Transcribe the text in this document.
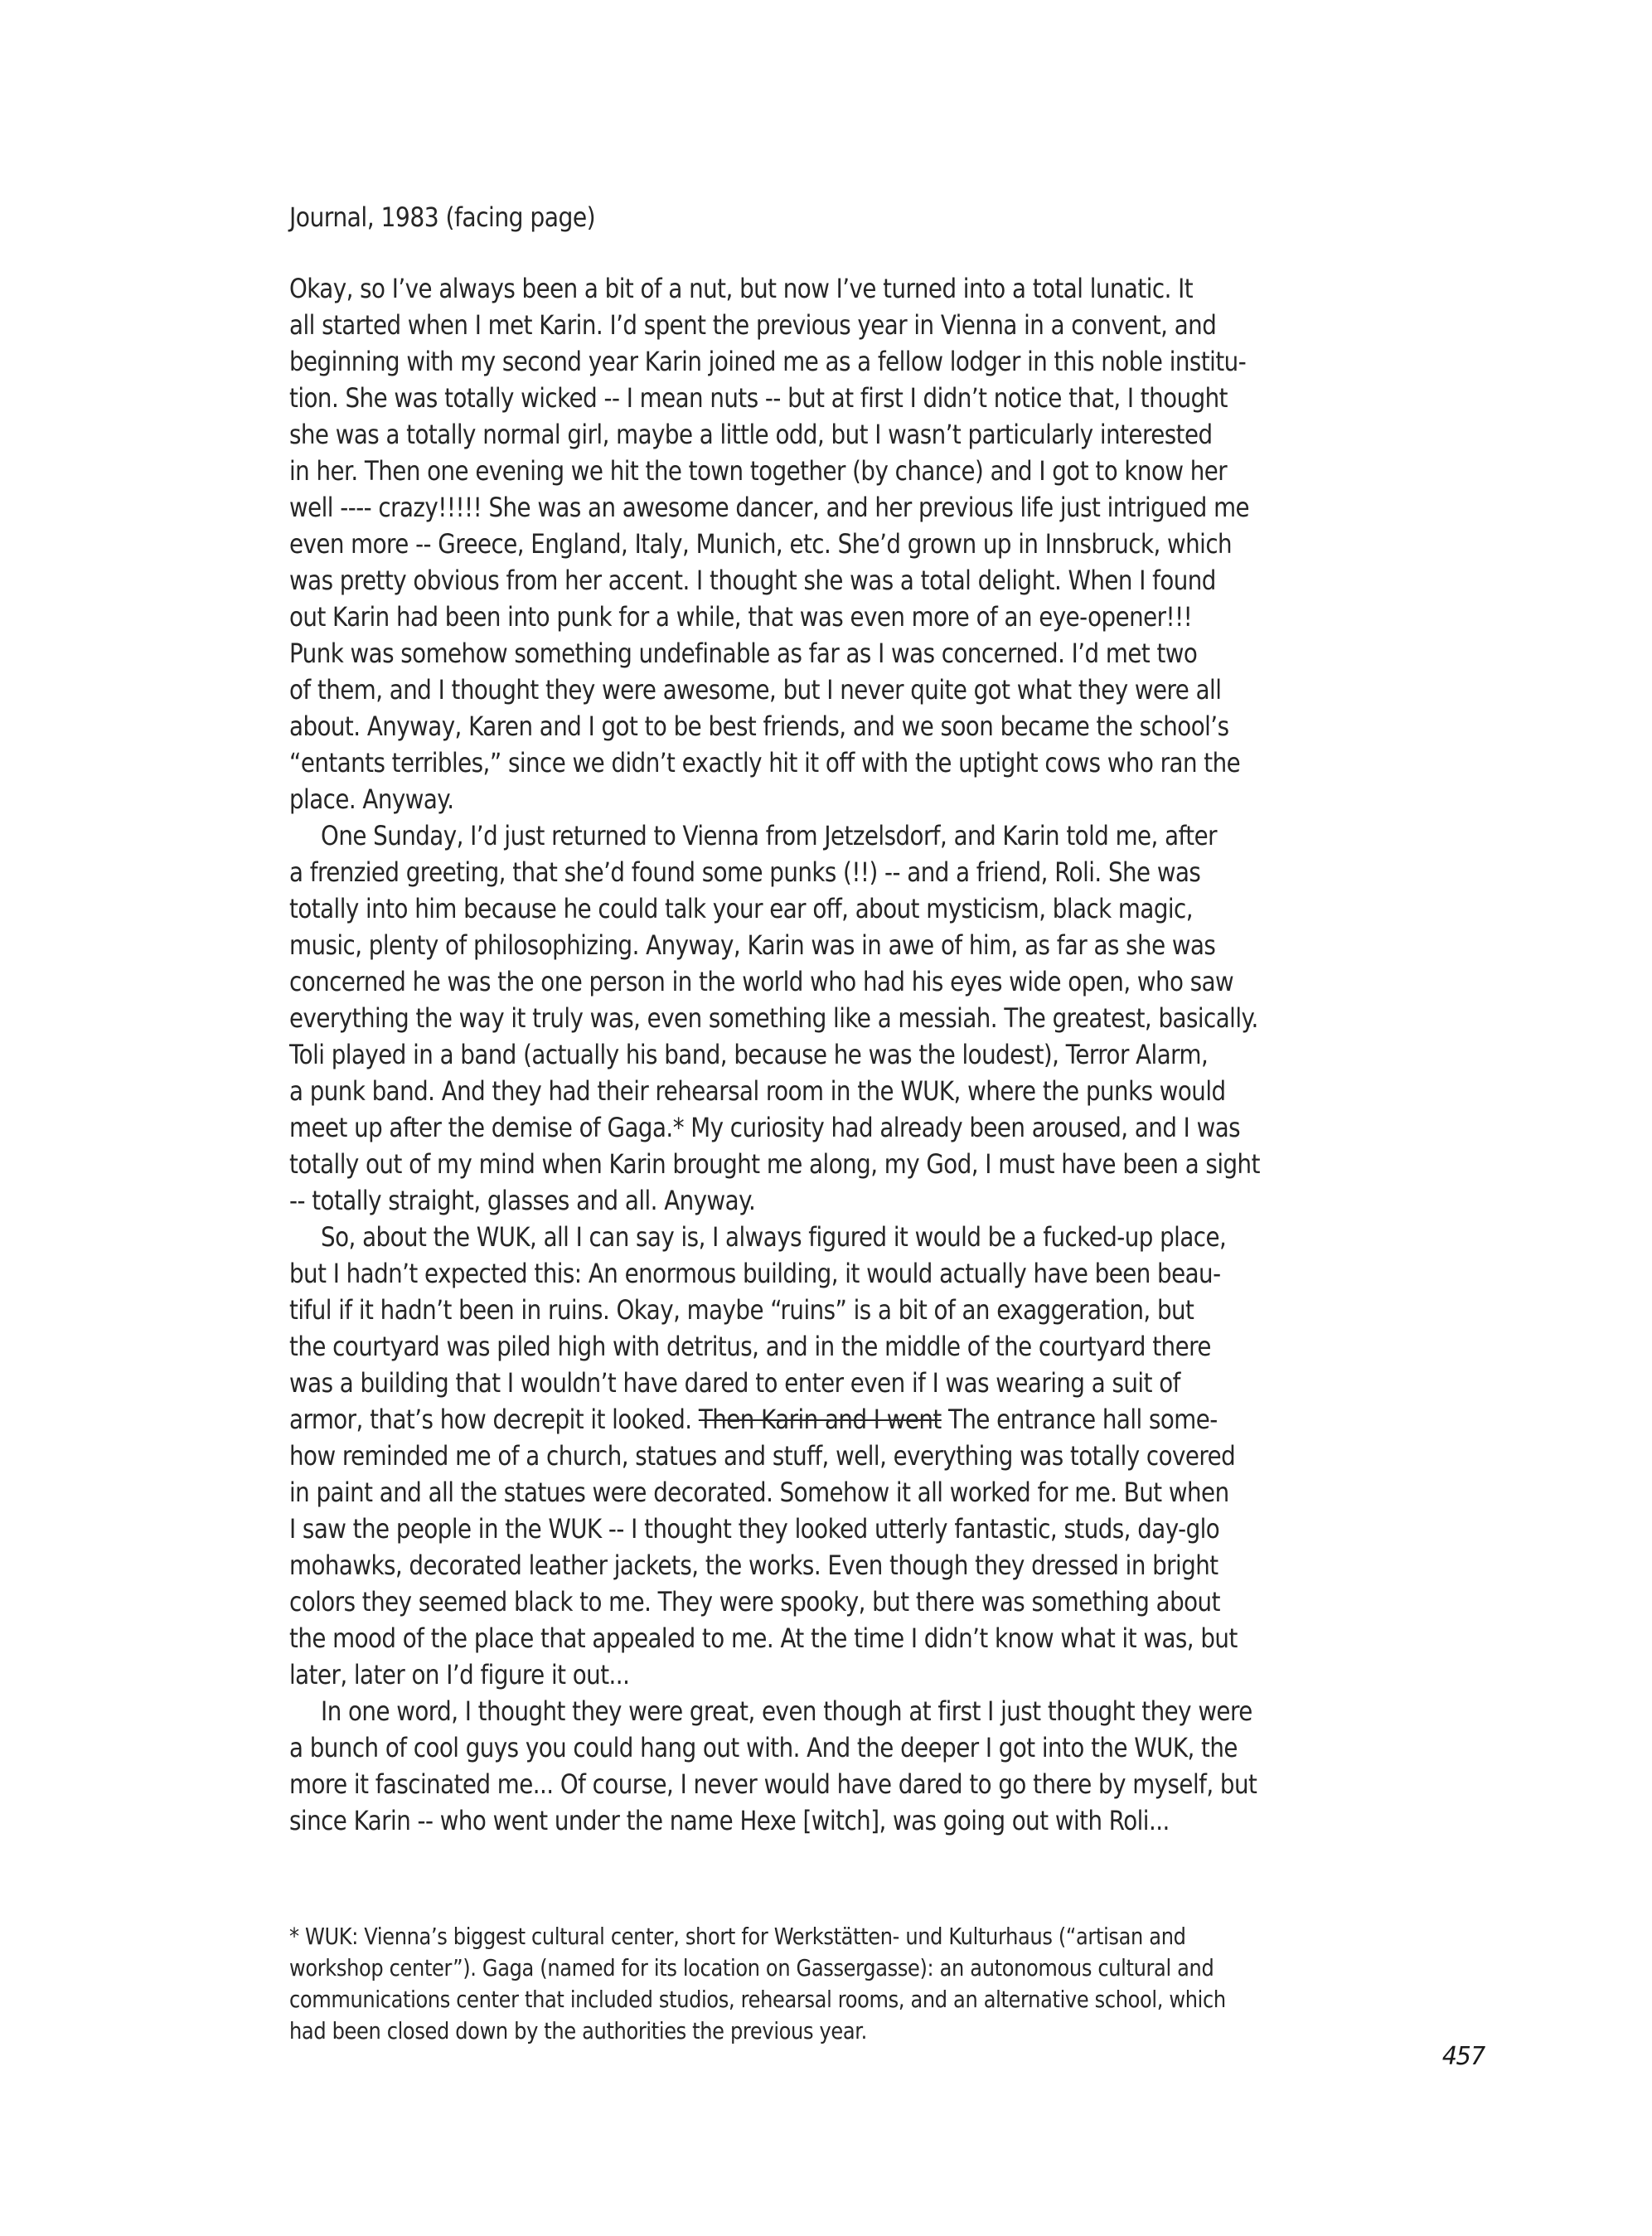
Journal, 1983 (facing page)
Okay, so I’ve always been a bit of a nut, but now I’ve turned into a total lunatic. It
all started when I met Karin. I’d spent the previous year in Vienna in a convent, and
beginning with my second year Karin joined me as a fellow lodger in this noble institu-
tion. She was totally wicked -- I mean nuts -- but at first I didn’t notice that, I thought
she was a totally normal girl, maybe a little odd, but I wasn’t particularly interested
in her. Then one evening we hit the town together (by chance) and I got to know her
well ---- crazy!!!!! She was an awesome dancer, and her previous life just intrigued me
even more -- Greece, England, Italy, Munich, etc. She’d grown up in Innsbruck, which
was pretty obvious from her accent. I thought she was a total delight. When I found
out Karin had been into punk for a while, that was even more of an eye-opener!!!
Punk was somehow something undefinable as far as I was concerned. I’d met two
of them, and I thought they were awesome, but I never quite got what they were all
about. Anyway, Karen and I got to be best friends, and we soon became the school’s
“entants terribles,” since we didn’t exactly hit it off with the uptight cows who ran the
place. Anyway.
One Sunday, I’d just returned to Vienna from Jetzelsdorf, and Karin told me, after
a frenzied greeting, that she’d found some punks (!!) -- and a friend, Roli. She was
totally into him because he could talk your ear off, about mysticism, black magic,
music, plenty of philosophizing. Anyway, Karin was in awe of him, as far as she was
concerned he was the one person in the world who had his eyes wide open, who saw
everything the way it truly was, even something like a messiah. The greatest, basically.
Toli played in a band (actually his band, because he was the loudest), Terror Alarm,
a punk band. And they had their rehearsal room in the WUK, where the punks would
meet up after the demise of Gaga.* My curiosity had already been aroused, and I was
totally out of my mind when Karin brought me along, my God, I must have been a sight
-- totally straight, glasses and all. Anyway.
So, about the WUK, all I can say is, I always figured it would be a fucked-up place,
but I hadn’t expected this: An enormous building, it would actually have been beau-
tiful if it hadn’t been in ruins. Okay, maybe “ruins” is a bit of an exaggeration, but
the courtyard was piled high with detritus, and in the middle of the courtyard there
was a building that I wouldn’t have dared to enter even if I was wearing a suit of
armor, that’s how decrepit it looked. Then Karin and I went The entrance hall some-
how reminded me of a church, statues and stuff, well, everything was totally covered
in paint and all the statues were decorated. Somehow it all worked for me. But when
I saw the people in the WUK -- I thought they looked utterly fantastic, studs, day-glo
mohawks, decorated leather jackets, the works. Even though they dressed in bright
colors they seemed black to me. They were spooky, but there was something about
the mood of the place that appealed to me. At the time I didn’t know what it was, but
later, later on I’d figure it out...
In one word, I thought they were great, even though at first I just thought they were
a bunch of cool guys you could hang out with. And the deeper I got into the WUK, the
more it fascinated me... Of course, I never would have dared to go there by myself, but
since Karin -- who went under the name Hexe [witch], was going out with Roli...
* WUK: Vienna’s biggest cultural center, short for Werkstätten- und Kulturhaus (“artisan and
workshop center”). Gaga (named for its location on Gassergasse): an autonomous cultural and
communications center that included studios, rehearsal rooms, and an alternative school, which
had been closed down by the authorities the previous year.
457
